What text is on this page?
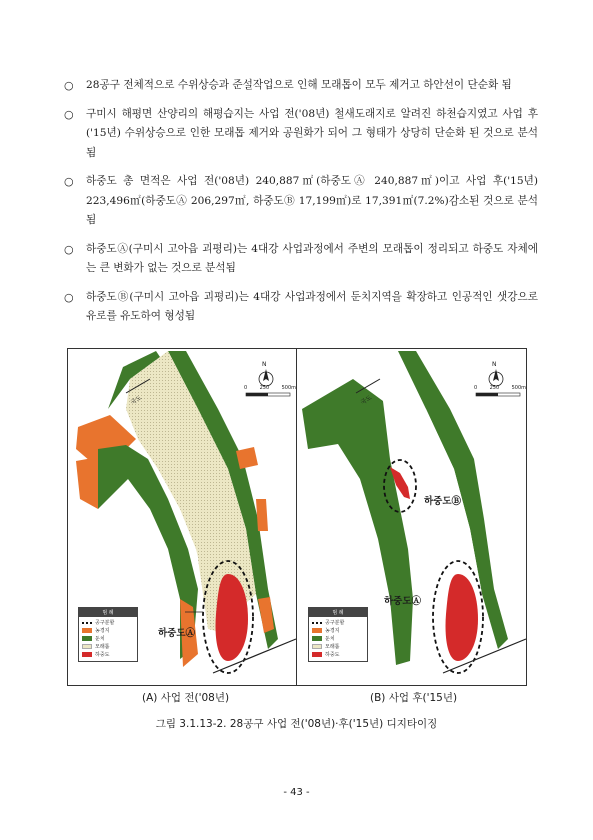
○ 28공구 전체적으로 수위상승과 준설작업으로 인해 모래톱이 모두 제거고 하안선이 단순화 됨
○ 구미시 해평면 산양리의 해평습지는 사업 전('08년) 철새도래지로 알려진 하천습지였고 사업 후('15년) 수위상승으로 인한 모래톱 제거와 공원화가 되어 그 형태가 상당히 단순화 된 것으로 분석됨
○ 하중도 총 면적은 사업 전('08년) 240,887㎡(하중도Ⓐ 240,887㎡)이고 사업 후('15년) 223,496㎡(하중도Ⓐ 206,297㎡, 하중도Ⓑ 17,199㎡)로 17,391㎡(7.2%)감소된 것으로 분석됨
○ 하중도Ⓐ(구미시 고아읍 괴평리)는 4대강 사업과정에서 주변의 모래톱이 정리되고 하중도 자체에는 큰 변화가 없는 것으로 분석됨
○ 하중도Ⓑ(구미시 고아읍 괴평리)는 4대강 사업과정에서 둔치지역을 확장하고 인공적인 샛강으로 유로를 유도하여 형성됨
국도
N
0 250 500m
하중도Ⓐ
범 례
공구분할
농경지
둔치
모래톱
하중도
국도
N
0 250 500m
하중도Ⓑ
하중도Ⓐ
범 례
공구분할
농경지
둔치
모래톱
하중도
(A) 사업 전('08년)	(B) 사업 후('15년)
그림 3.1.13-2. 28공구 사업 전('08년)·후('15년) 디지타이징
- 43 -
